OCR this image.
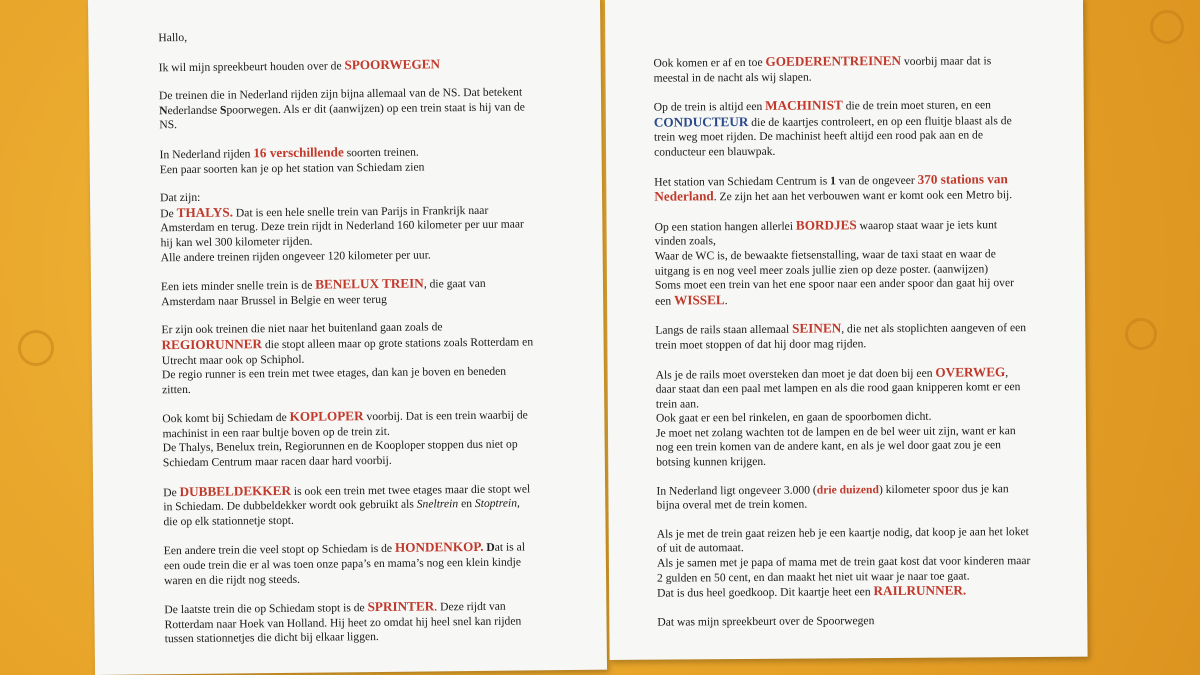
Hallo,
Ik wil mijn spreekbeurt houden over de SPOORWEGEN
De treinen die in Nederland rijden zijn bijna allemaal van de NS. Dat betekent
Nederlandse Spoorwegen. Als er dit (aanwijzen) op een trein staat is hij van de
NS.
In Nederland rijden 16 verschillende soorten treinen.
Een paar soorten kan je op het station van Schiedam zien
Dat zijn:
De THALYS. Dat is een hele snelle trein van Parijs in Frankrijk naar
Amsterdam en terug. Deze trein rijdt in Nederland 160 kilometer per uur maar
hij kan wel 300 kilometer rijden.
Alle andere treinen rijden ongeveer 120 kilometer per uur.
Een iets minder snelle trein is de BENELUX TREIN, die gaat van
Amsterdam naar Brussel in Belgie en weer terug
Er zijn ook treinen die niet naar het buitenland gaan zoals de
REGIORUNNER die stopt alleen maar op grote stations zoals Rotterdam en
Utrecht maar ook op Schiphol.
De regio runner is een trein met twee etages, dan kan je boven en beneden
zitten.
Ook komt bij Schiedam de KOPLOPER voorbij. Dat is een trein waarbij de
machinist in een raar bultje boven op de trein zit.
De Thalys, Benelux trein, Regiorunnen en de Kooploper stoppen dus niet op
Schiedam Centrum maar racen daar hard voorbij.
De DUBBELDEKKER is ook een trein met twee etages maar die stopt wel
in Schiedam. De dubbeldekker wordt ook gebruikt als Sneltrein en Stoptrein,
die op elk stationnetje stopt.
Een andere trein die veel stopt op Schiedam is de HONDENKOP. Dat is al
een oude trein die er al was toen onze papa’s en mama’s nog een klein kindje
waren en die rijdt nog steeds.
De laatste trein die op Schiedam stopt is de SPRINTER. Deze rijdt van
Rotterdam naar Hoek van Holland. Hij heet zo omdat hij heel snel kan rijden
tussen stationnetjes die dicht bij elkaar liggen.
Ook komen er af en toe GOEDERENTREINEN voorbij maar dat is
meestal in de nacht als wij slapen.
Op de trein is altijd een MACHINIST die de trein moet sturen, en een
CONDUCTEUR die de kaartjes controleert, en op een fluitje blaast als de
trein weg moet rijden. De machinist heeft altijd een rood pak aan en de
conducteur een blauwpak.
Het station van Schiedam Centrum is 1 van de ongeveer 370 stations van
Nederland. Ze zijn het aan het verbouwen want er komt ook een Metro bij.
Op een station hangen allerlei BORDJES waarop staat waar je iets kunt
vinden zoals,
Waar de WC is, de bewaakte fietsenstalling, waar de taxi staat en waar de
uitgang is en nog veel meer zoals jullie zien op deze poster. (aanwijzen)
Soms moet een trein van het ene spoor naar een ander spoor dan gaat hij over
een WISSEL.
Langs de rails staan allemaal SEINEN, die net als stoplichten aangeven of een
trein moet stoppen of dat hij door mag rijden.
Als je de rails moet oversteken dan moet je dat doen bij een OVERWEG,
daar staat dan een paal met lampen en als die rood gaan knipperen komt er een
trein aan.
Ook gaat er een bel rinkelen, en gaan de spoorbomen dicht.
Je moet net zolang wachten tot de lampen en de bel weer uit zijn, want er kan
nog een trein komen van de andere kant, en als je wel door gaat zou je een
botsing kunnen krijgen.
In Nederland ligt ongeveer 3.000 (drie duizend) kilometer spoor dus je kan
bijna overal met de trein komen.
Als je met de trein gaat reizen heb je een kaartje nodig, dat koop je aan het loket
of uit de automaat.
Als je samen met je papa of mama met de trein gaat kost dat voor kinderen maar
2 gulden en 50 cent, en dan maakt het niet uit waar je naar toe gaat.
Dat is dus heel goedkoop. Dit kaartje heet een RAILRUNNER.
Dat was mijn spreekbeurt over de Spoorwegen
